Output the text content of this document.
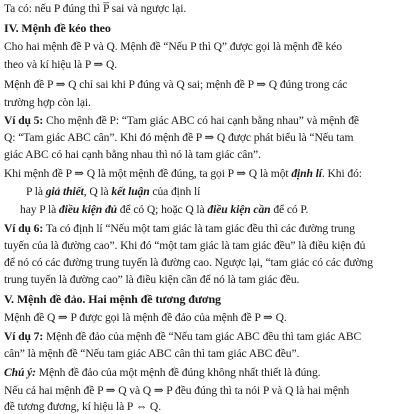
Ta có: nếu P đúng thì P̅ sai và ngược lại.
IV. Mệnh đề kéo theo
Cho hai mệnh đề P và Q. Mệnh đề “Nếu P thì Q” được gọi là mệnh đề kéo
theo và kí hiệu là P ⇒ Q.
Mệnh đề P ⇒ Q chỉ sai khi P đúng và Q sai; mệnh đề P ⇒ Q đúng trong các
trường hợp còn lại.
Ví dụ 5: Cho mệnh đề P: “Tam giác ABC có hai cạnh bằng nhau” và mệnh đề
Q: “Tam giác ABC cân”. Khi đó mệnh đề P ⇒ Q được phát biểu là “Nếu tam
giác ABC có hai cạnh bằng nhau thì nó là tam giác cân”.
Khi mệnh đề P ⇒ Q là một mệnh đề đúng, ta gọi P ⇒ Q là một định lí. Khi đó:
P là giả thiết, Q là kết luận của định lí
hay P là điều kiện đủ để có Q; hoặc Q là điều kiện cần để có P.
Ví dụ 6: Ta có định lí “Nếu một tam giác là tam giác đều thì các đường trung
tuyến của là đường cao”. Khi đó “một tam giác là tam giác đều” là điều kiện đủ
để nó có các đường trung tuyến là đường cao. Ngược lại, “tam giác có các đường
trung tuyến là đường cao” là điều kiện cần để nó là tam giác đều.
V. Mệnh đề đảo. Hai mệnh đề tương đương
Mệnh đề Q ⇒ P được gọi là mệnh đề đảo của mệnh đề P ⇒ Q.
Ví dụ 7: Mệnh đề đảo của mệnh đề “Nếu tam giác ABC đều thì tam giác ABC
cân” là mệnh đề “Nếu tam giác ABC cân thì tam giác ABC đều”.
Chú ý: Mệnh đề đảo của một mệnh đề đúng không nhất thiết là đúng.
Nếu cả hai mệnh đề P ⇒ Q và Q ⇒ P đều đúng thì ta nói P và Q là hai mệnh
đề tương đương, kí hiệu là P ⇔ Q.
